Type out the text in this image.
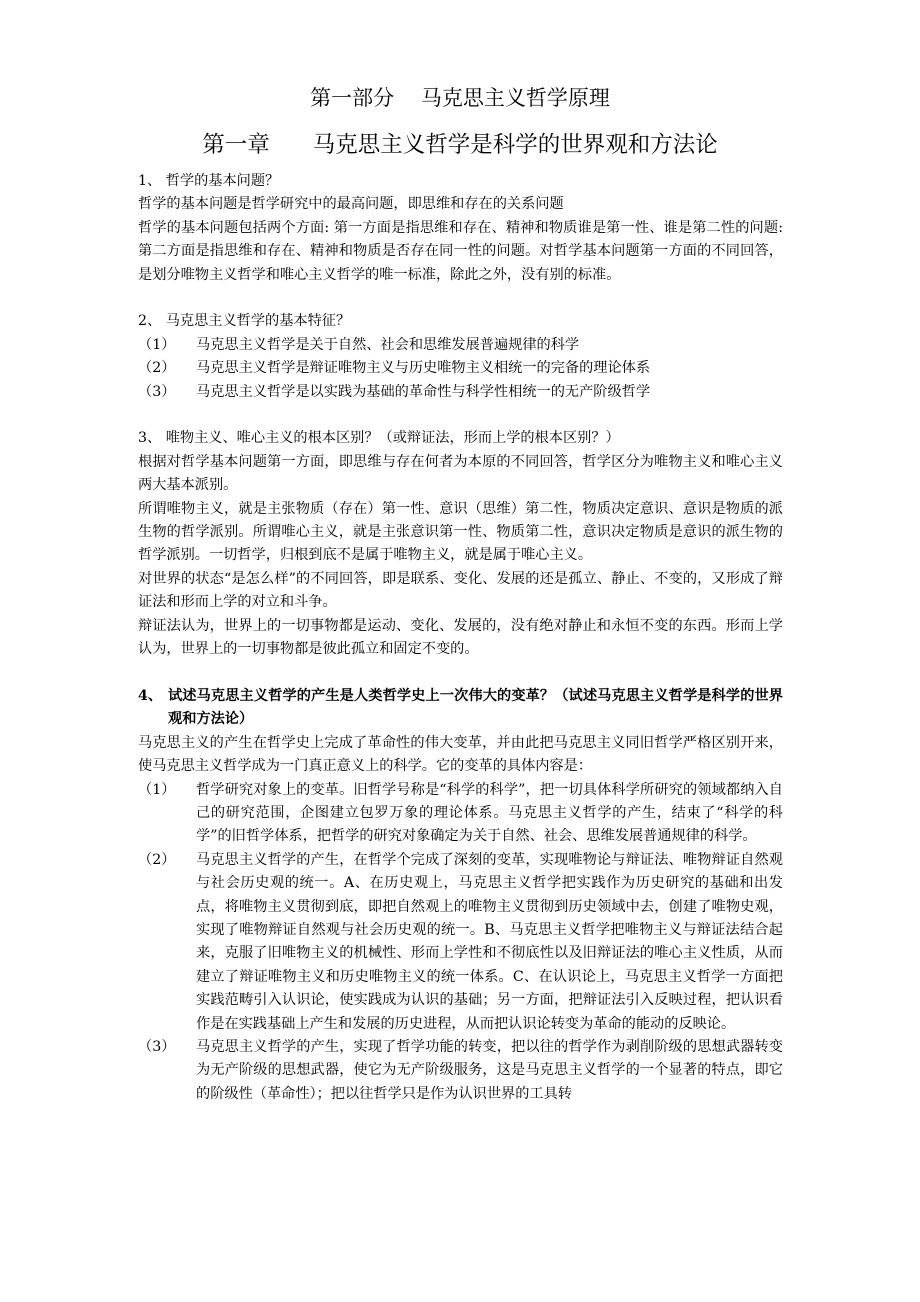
第一部分    马克思主义哲学原理
第一章      马克思主义哲学是科学的世界观和方法论

1、 哲学的基本问题？

哲学的基本问题是哲学研究中的最高问题，即思维和存在的关系问题

哲学的基本问题包括两个方面: 第一方面是指思维和存在、精神和物质谁是第一性、谁是第二性的问题: 第二方面是指思维和存在、精神和物质是否存在同一性的问题。对哲学基本问题第一方面的不同回答，是划分唯物主义哲学和唯心主义哲学的唯一标准，除此之外，没有别的标准。

2、 马克思主义哲学的基本特征？

（1） 马克思主义哲学是关于自然、社会和思维发展普遍规律的科学

（2） 马克思主义哲学是辩证唯物主义与历史唯物主义相统一的完备的理论体系

（3） 马克思主义哲学是以实践为基础的革命性与科学性相统一的无产阶级哲学

3、 唯物主义、唯心主义的根本区别？（或辩证法，形而上学的根本区别？）

根据对哲学基本问题第一方面，即思维与存在何者为本原的不同回答，哲学区分为唯物主义和唯心主义两大基本派别。

所谓唯物主义，就是主张物质（存在）第一性、意识（思维）第二性，物质决定意识、意识是物质的派生物的哲学派别。所谓唯心主义，就是主张意识第一性、物质第二性，意识决定物质是意识的派生物的哲学派别。一切哲学，归根到底不是属于唯物主义，就是属于唯心主义。

对世界的状态“是怎么样”的不同回答，即是联系、变化、发展的还是孤立、静止、不变的，又形成了辩证法和形而上学的对立和斗争。

辩证法认为，世界上的一切事物都是运动、变化、发展的，没有绝对静止和永恒不变的东西。形而上学认为，世界上的一切事物都是彼此孤立和固定不变的。

4、 试述马克思主义哲学的产生是人类哲学史上一次伟大的变革？（试述马克思主义哲学是科学的世界观和方法论）

马克思主义的产生在哲学史上完成了革命性的伟大变革，并由此把马克思主义同旧哲学严格区别开来，使马克思主义哲学成为一门真正意义上的科学。它的变革的具体内容是：

（1）	哲学研究对象上的变革。旧哲学号称是“科学的科学”，把一切具体科学所研究的领域都纳入自己的研究范围，企图建立包罗万象的理论体系。马克思主义哲学的产生，结束了“科学的科学”的旧哲学体系，把哲学的研究对象确定为关于自然、社会、思维发展普通规律的科学。
（2）	马克思主义哲学的产生，在哲学个完成了深刻的变革，实现唯物论与辩证法、唯物辩证自然观与社会历史观的统一。A、在历史观上，马克思主义哲学把实践作为历史研究的基础和出发点，将唯物主义贯彻到底，即把自然观上的唯物主义贯彻到历史领域中去，创建了唯物史观，实现了唯物辩证自然观与社会历史观的统一。B、马克思主义哲学把唯物主义与辩证法结合起来，克服了旧唯物主义的机械性、形而上学性和不彻底性以及旧辩证法的唯心主义性质，从而建立了辩证唯物主义和历史唯物主义的统一体系。C、在认识论上，马克思主义哲学一方面把实践范畴引入认识论，使实践成为认识的基础；另一方面，把辩证法引入反映过程，把认识看作是在实践基础上产生和发展的历史进程，从而把认识论转变为革命的能动的反映论。
（3）	马克思主义哲学的产生，实现了哲学功能的转变，把以往的哲学作为剥削阶级的思想武器转变为无产阶级的思想武器，使它为无产阶级服务，这是马克思主义哲学的一个显著的特点，即它的阶级性（革命性）；把以往哲学只是作为认识世界的工具转
